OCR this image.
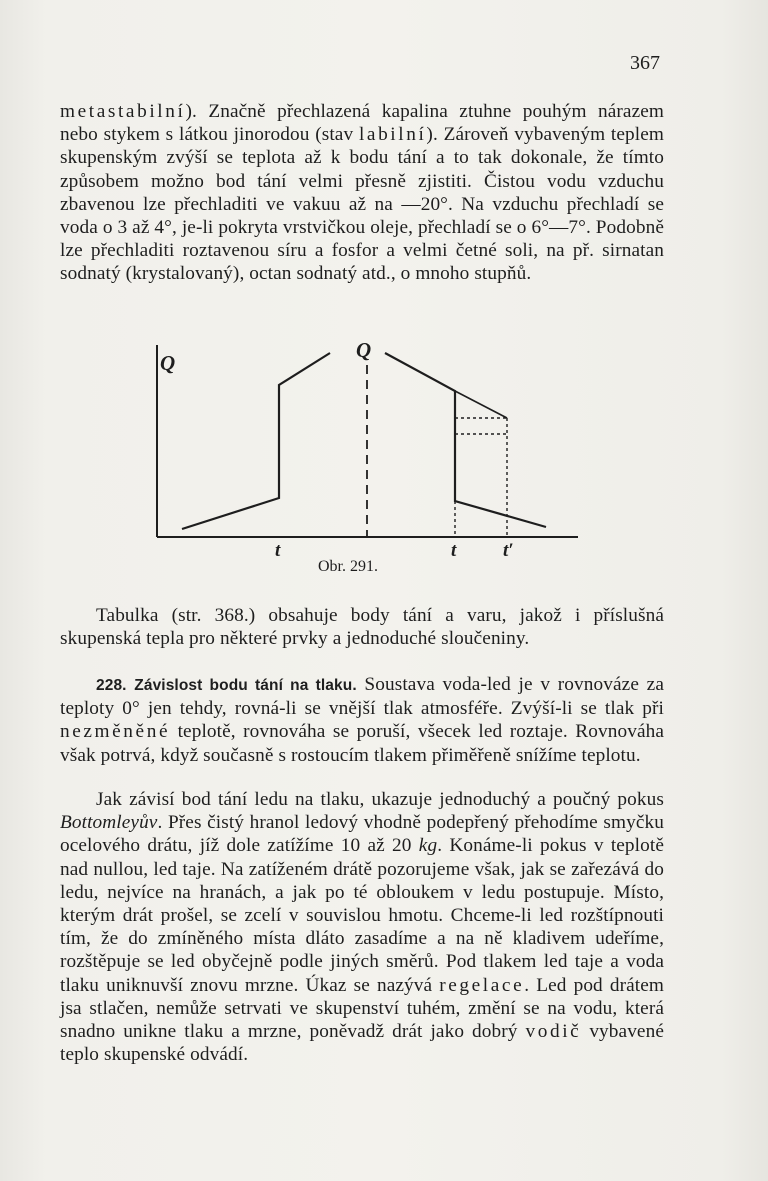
367
metastabilní). Značně přechlazená kapalina ztuhne pouhým nárazem nebo stykem s látkou jinorodou (stav labilní). Zároveň vybaveným teplem skupenským zvýší se teplota až k bodu tání a to tak dokonale, že tímto způsobem možno bod tání velmi přesně zjistiti. Čistou vodu vzduchu zbavenou lze přechladiti ve vakuu až na —20°. Na vzduchu přechladí se voda o 3 až 4°, je-li pokryta vrstvičkou oleje, přechladí se o 6°—7°. Podobně lze přechladiti roztavenou síru a fosfor a velmi četné soli, na př. sirnatan sodnatý (krystalovaný), octan sodnatý atd., o mnoho stupňů.
Q
Q
t	t t′
Obr. 291.
Tabulka (str. 368.) obsahuje body tání a varu, jakož i příslušná skupenská tepla pro některé prvky a jednoduché sloučeniny.
228. Závislost bodu tání na tlaku. Soustava voda-led je v rovnováze za teploty 0° jen tehdy, rovná-li se vnější tlak atmosféře. Zvýší-li se tlak při nezměněné teplotě, rovnováha se poruší, všecek led roztaje. Rovnováha však potrvá, když současně s rostoucím tlakem přiměřeně snížíme teplotu.
Jak závisí bod tání ledu na tlaku, ukazuje jednoduchý a poučný pokus Bottomleyův. Přes čistý hranol ledový vhodně podepřený přehodíme smyčku ocelového drátu, jíž dole zatížíme 10 až 20 kg. Konáme-li pokus v teplotě nad nullou, led taje. Na zatíženém drátě pozorujeme však, jak se zařezává do ledu, nejvíce na hranách, a jak po té obloukem v ledu postupuje. Místo, kterým drát prošel, se zcelí v souvislou hmotu. Chceme-li led rozštípnouti tím, že do zmíněného místa dláto zasadíme a na ně kladivem udeříme, rozštěpuje se led obyčejně podle jiných směrů. Pod tlakem led taje a voda tlaku uniknuvší znovu mrzne. Úkaz se nazývá regelace. Led pod drátem jsa stlačen, nemůže setrvati ve skupenství tuhém, změní se na vodu, která snadno unikne tlaku a mrzne, poněvadž drát jako dobrý vodič vybavené teplo skupenské odvádí.
